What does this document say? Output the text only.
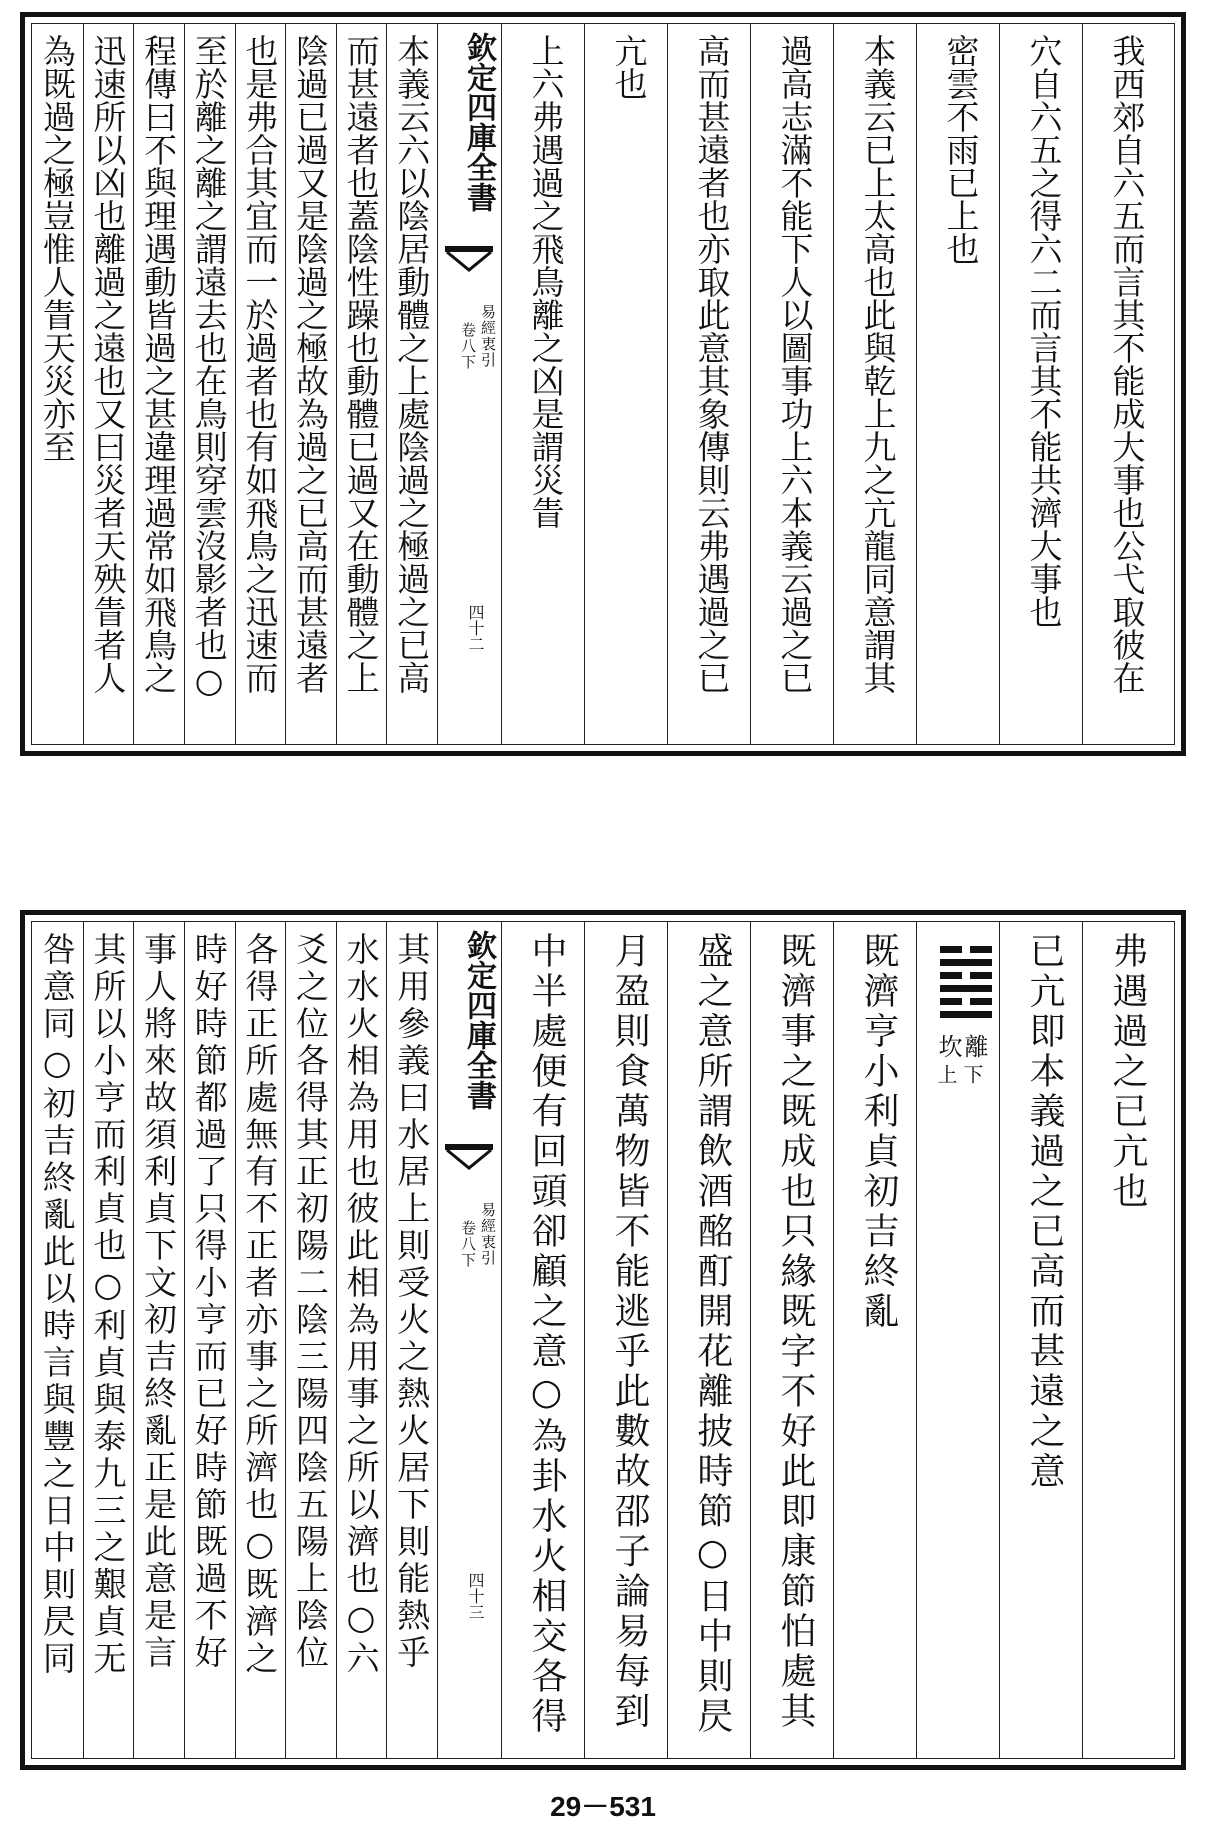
我西郊自六五而言其不能成大事也公弋取彼在
穴自六五之得六二而言其不能共濟大事也
密雲不雨已上也
本義云已上太高也此與乾上九之亢龍同意謂其
過高志滿不能下人以圖事功上六本義云過之已
高而甚遠者也亦取此意其象傳則云弗遇過之已
亢也
上六弗遇過之飛鳥離之凶是謂災眚
欽定四庫全書
易經衷引
卷八下
四十二
本義云六以陰居動體之上處陰過之極過之已高
而甚遠者也蓋陰性躁也動體已過又在動體之上
陰過已過又是陰過之極故為過之已高而甚遠者
也是弗合其宜而一於過者也有如飛鳥之迅速而
至於離之離之謂遠去也在鳥則穿雲沒影者也○
程傳曰不與理遇動皆過之甚違理過常如飛鳥之
迅速所以凶也離過之遠也又曰災者天殃眚者人
為既過之極豈惟人眚天災亦至
弗遇過之已亢也
已亢即本義過之已高而甚遠之意
離
下
坎
上
既濟亨小利貞初吉終亂
既濟事之既成也只緣既字不好此即康節怕處其
盛之意所謂飲酒酩酊開花離披時節○日中則昃
月盈則食萬物皆不能逃乎此數故邵子論易每到
中半處便有回頭卻顧之意○為卦水火相交各得
欽定四庫全書
易經衷引
卷八下
四十三
其用參義曰水居上則受火之熱火居下則能熱乎
水水火相為用也彼此相為用事之所以濟也○六
爻之位各得其正初陽二陰三陽四陰五陽上陰位
各得正所處無有不正者亦事之所濟也○既濟之
時好時節都過了只得小亨而已好時節既過不好
事人將來故須利貞下文初吉終亂正是此意是言
其所以小亨而利貞也○利貞與泰九三之艱貞无
咎意同○初吉終亂此以時言與豐之日中則昃同
29－531
